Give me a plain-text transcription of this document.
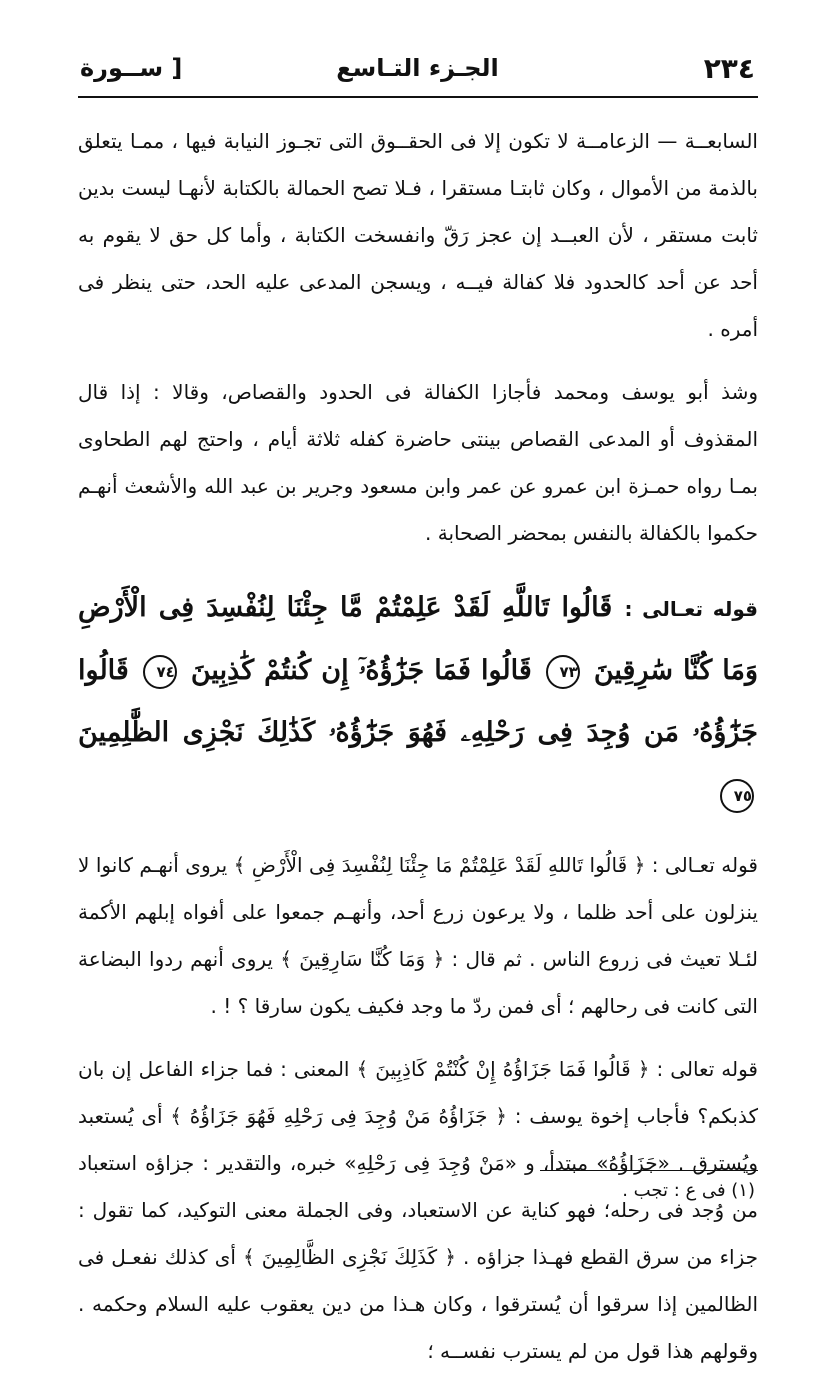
٢٣٤
الجـزء التـاسع
[ ســورة

السابعــة — الزعامــة لا تكون إلا فى الحقــوق التى تجـوز النيابة فيها ، ممـا يتعلق بالذمة من الأموال ، وكان ثابتـا مستقرا ، فـلا تصح الحمالة بالكتابة لأنهـا ليست بدين ثابت مستقر ، لأن العبــد إن عجز رَقّ وانفسخت الكتابة ، وأما كل حق لا يقوم به أحد عن أحد كالحدود فلا كفالة فيــه ، ويسجن المدعى عليه الحد، حتى ينظر فى أمره .

وشذ أبو يوسف ومحمد فأجازا الكفالة فى الحدود والقصاص، وقالا : إذا قال المقذوف أو المدعى القصاص بينتى حاضرة كفله ثلاثة أيام ، واحتج لهم الطحاوى بمـا رواه حمـزة ابن عمرو عن عمر وابن مسعود وجرير بن عبد الله والأشعث أنهـم حكموا بالكفالة بالنفس بمحضر الصحابة .

قوله تعـالى : قَالُوا تَاللَّهِ لَقَدْ عَلِمْتُمْ مَّا جِئْنَا لِنُفْسِدَ فِى الْأَرْضِ وَمَا كُنَّا سَٰرِقِينَ ٧٣ قَالُوا فَمَا جَزَٰٓؤُهُۥٓ إِن كُنتُمْ كَٰذِبِينَ ٧٤ قَالُوا جَزَٰٓؤُهُۥ مَن وُجِدَ فِى رَحْلِهِۦ فَهُوَ جَزَٰٓؤُهُۥ كَذَٰلِكَ نَجْزِى الظَّٰلِمِينَ ٧٥

قوله تعـالى : ﴿ قَالُوا تَاللهِ لَقَدْ عَلِمْتُمْ مَا جِئْنَا لِنُفْسِدَ فِى الْأَرْضِ ﴾ يروى أنهـم كانوا لا ينزلون على أحد ظلما ، ولا يرعون زرع أحد، وأنهـم جمعوا على أفواه إبلهم الأكمة لئـلا تعيث فى زروع الناس . ثم قال : ﴿ وَمَا كُنَّا سَارِقِينَ ﴾ يروى أنهم ردوا البضاعة التى كانت فى رحالهم ؛ أى فمن ردّ ما وجد فكيف يكون سارقا ؟ ! .

قوله تعالى : ﴿ قَالُوا فَمَا جَزَاؤُهُ إِنْ كُنْتُمْ كَاذِبِينَ ﴾ المعنى : فما جزاء الفاعل إن بان كذبكم؟ فأجاب إخوة يوسف : ﴿ جَزَاؤُهُ مَنْ وُجِدَ فِى رَحْلِهِ فَهُوَ جَزَاؤُهُ ﴾ أى يُستعبد ويُسترق . «جَزَاؤُهُ» مبتدأ، و «مَنْ وُجِدَ فِى رَحْلِهِ» خبره، والتقدير : جزاؤه استعباد من وُجد فى رحله؛ فهو كناية عن الاستعباد، وفى الجملة معنى التوكيد، كما تقول : جزاء من سرق القطع فهـذا جزاؤه . ﴿ كَذَلِكَ نَجْزِى الظَّالِمِينَ ﴾ أى كذلك نفعـل فى الظالمين إذا سرقوا أن يُسترقوا ، وكان هـذا من دين يعقوب عليه السلام وحكمه . وقولهم هذا قول من لم يسترب نفســه ؛

(١) فى ع : تجب .
